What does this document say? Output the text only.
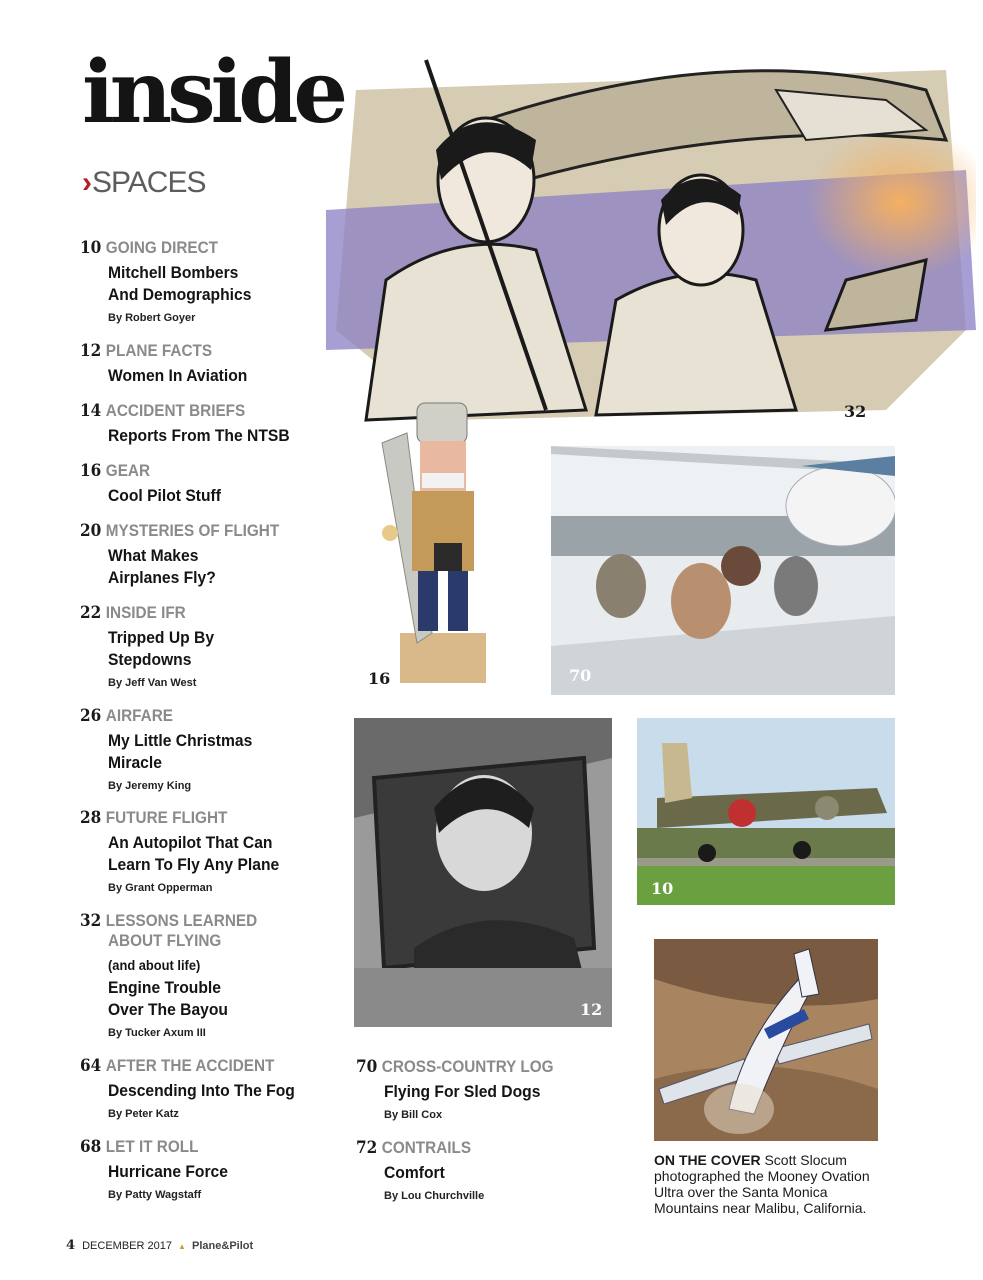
inside
›SPACES
10 GOING DIRECT
Mitchell Bombers
And Demographics
By Robert Goyer
12 PLANE FACTS
Women In Aviation
14 ACCIDENT BRIEFS
Reports From The NTSB
16 GEAR
Cool Pilot Stuff
20 MYSTERIES OF FLIGHT
What Makes
Airplanes Fly?
22 INSIDE IFR
Tripped Up By
Stepdowns
By Jeff Van West
26 AIRFARE
My Little Christmas
Miracle
By Jeremy King
28 FUTURE FLIGHT
An Autopilot That Can
Learn To Fly Any Plane
By Grant Opperman
32 LESSONS LEARNED
ABOUT FLYING
(and about life)
Engine Trouble
Over The Bayou
By Tucker Axum III
64 AFTER THE ACCIDENT
Descending Into The Fog
By Peter Katz
68 LET IT ROLL
Hurricane Force
By Patty Wagstaff
70 CROSS-COUNTRY LOG
Flying For Sled Dogs
By Bill Cox
72 CONTRAILS
Comfort
By Lou Churchville
32
16	70
12
10
ON THE COVER Scott Slocum photographed the Mooney Ovation Ultra over the Santa Monica Mountains near Malibu, California.
4 DECEMBER 2017 ▲ Plane&Pilot
